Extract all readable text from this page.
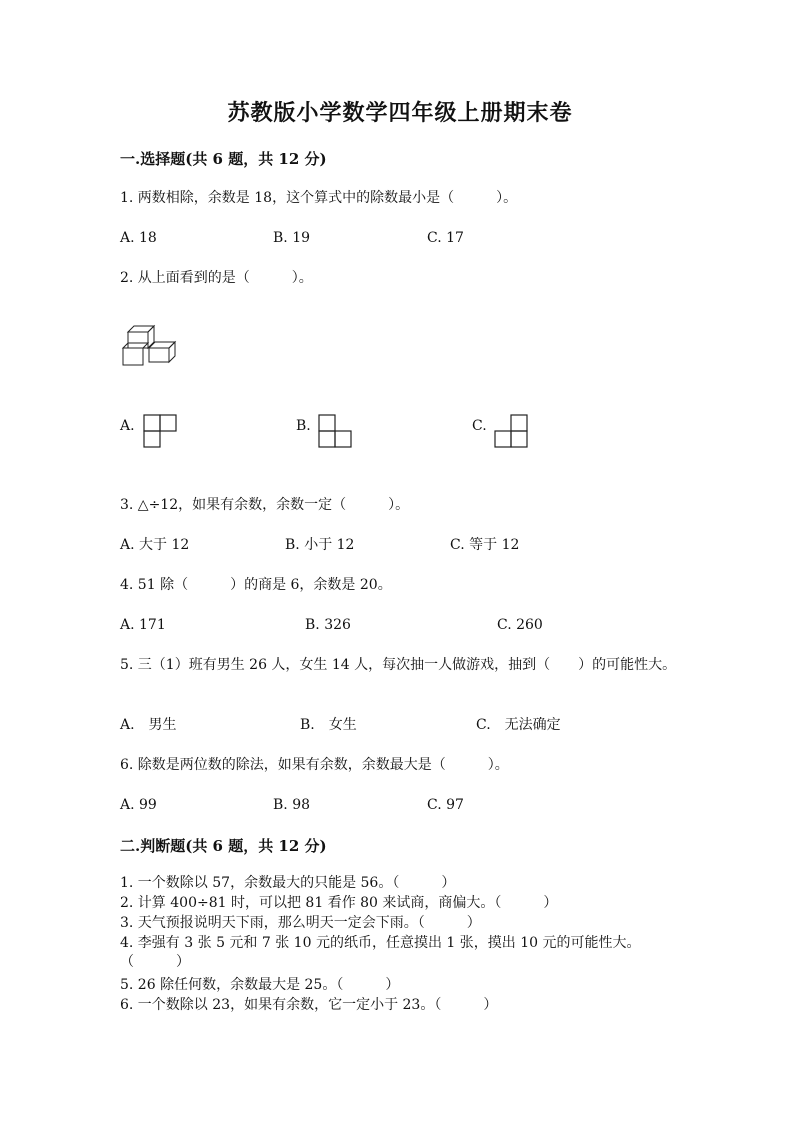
苏教版小学数学四年级上册期末卷
一.选择题(共 6 题，共 12 分)
1. 两数相除，余数是 18，这个算式中的除数最小是（　　　）。
A. 18	B. 19	C. 17
2. 从上面看到的是（　　　）。
A.	B.	C.
3. △÷12，如果有余数，余数一定（　　　）。
A. 大于 12	B. 小于 12	C. 等于 12
4. 51 除（　　　）的商是 6，余数是 20。
A. 171	B. 326	C. 260
5. 三（1）班有男生 26 人，女生 14 人，每次抽一人做游戏，抽到（　　）的可能性大。
A.　男生	B.　女生	C.　无法确定
6. 除数是两位数的除法，如果有余数，余数最大是（　　　）。
A. 99	B. 98	C. 97
二.判断题(共 6 题，共 12 分)
1. 一个数除以 57，余数最大的只能是 56。（　　　）
2. 计算 400÷81 时，可以把 81 看作 80 来试商，商偏大。（　　　）
3. 天气预报说明天下雨，那么明天一定会下雨。（　　　）
4. 李强有 3 张 5 元和 7 张 10 元的纸币，任意摸出 1 张，摸出 10 元的可能性大。　　（　　　）
5. 26 除任何数，余数最大是 25。（　　　）
6. 一个数除以 23，如果有余数，它一定小于 23。（　　　）
